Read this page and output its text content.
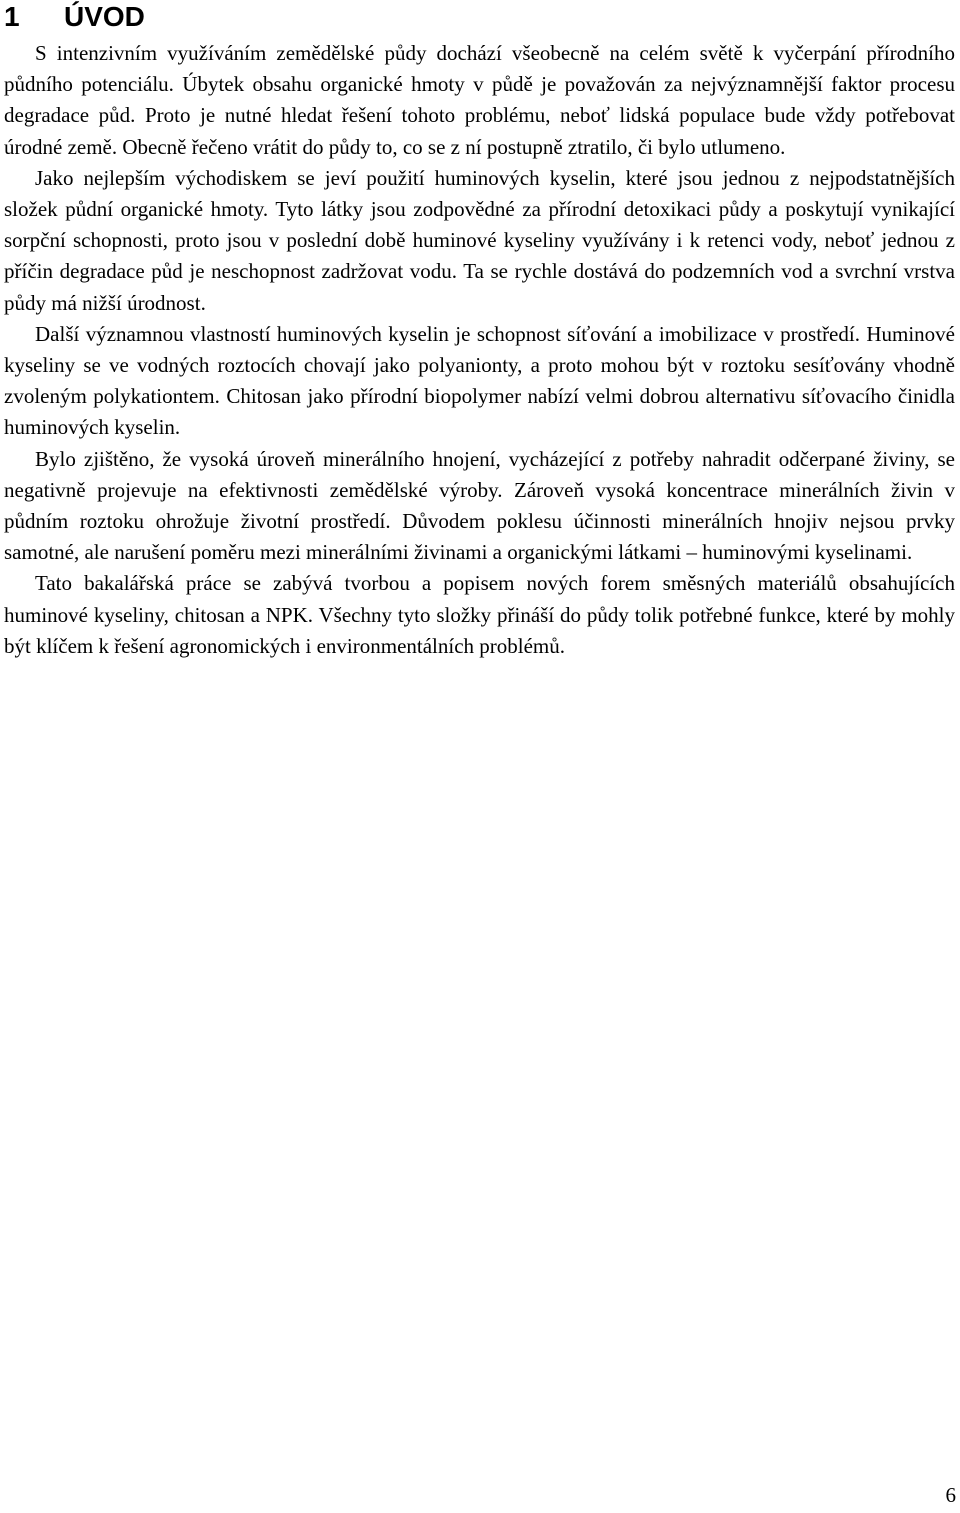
1 ÚVOD

S intenzivním využíváním zemědělské půdy dochází všeobecně na celém světě k vyčerpání přírodního půdního potenciálu. Úbytek obsahu organické hmoty v půdě je považován za nejvýznamnější faktor procesu degradace půd. Proto je nutné hledat řešení tohoto problému, neboť lidská populace bude vždy potřebovat úrodné země. Obecně řečeno vrátit do půdy to, co se z ní postupně ztratilo, či bylo utlumeno.

Jako nejlepším východiskem se jeví použití huminových kyselin, které jsou jednou z nejpodstatnějších složek půdní organické hmoty. Tyto látky jsou zodpovědné za přírodní detoxikaci půdy a poskytují vynikající sorpční schopnosti, proto jsou v poslední době huminové kyseliny využívány i k retenci vody, neboť jednou z příčin degradace půd je neschopnost zadržovat vodu. Ta se rychle dostává do podzemních vod a svrchní vrstva půdy má nižší úrodnost.

Další významnou vlastností huminových kyselin je schopnost síťování a imobilizace v prostředí. Huminové kyseliny se ve vodných roztocích chovají jako polyanionty, a proto mohou být v roztoku sesíťovány vhodně zvoleným polykationtem. Chitosan jako přírodní biopolymer nabízí velmi dobrou alternativu síťovacího činidla huminových kyselin.

Bylo zjištěno, že vysoká úroveň minerálního hnojení, vycházející z potřeby nahradit odčerpané živiny, se negativně projevuje na efektivnosti zemědělské výroby. Zároveň vysoká koncentrace minerálních živin v půdním roztoku ohrožuje životní prostředí. Důvodem poklesu účinnosti minerálních hnojiv nejsou prvky samotné, ale narušení poměru mezi minerálními živinami a organickými látkami – huminovými kyselinami.

Tato bakalářská práce se zabývá tvorbou a popisem nových forem směsných materiálů obsahujících huminové kyseliny, chitosan a NPK. Všechny tyto složky přináší do půdy tolik potřebné funkce, které by mohly být klíčem k řešení agronomických i environmentálních problémů.

6
